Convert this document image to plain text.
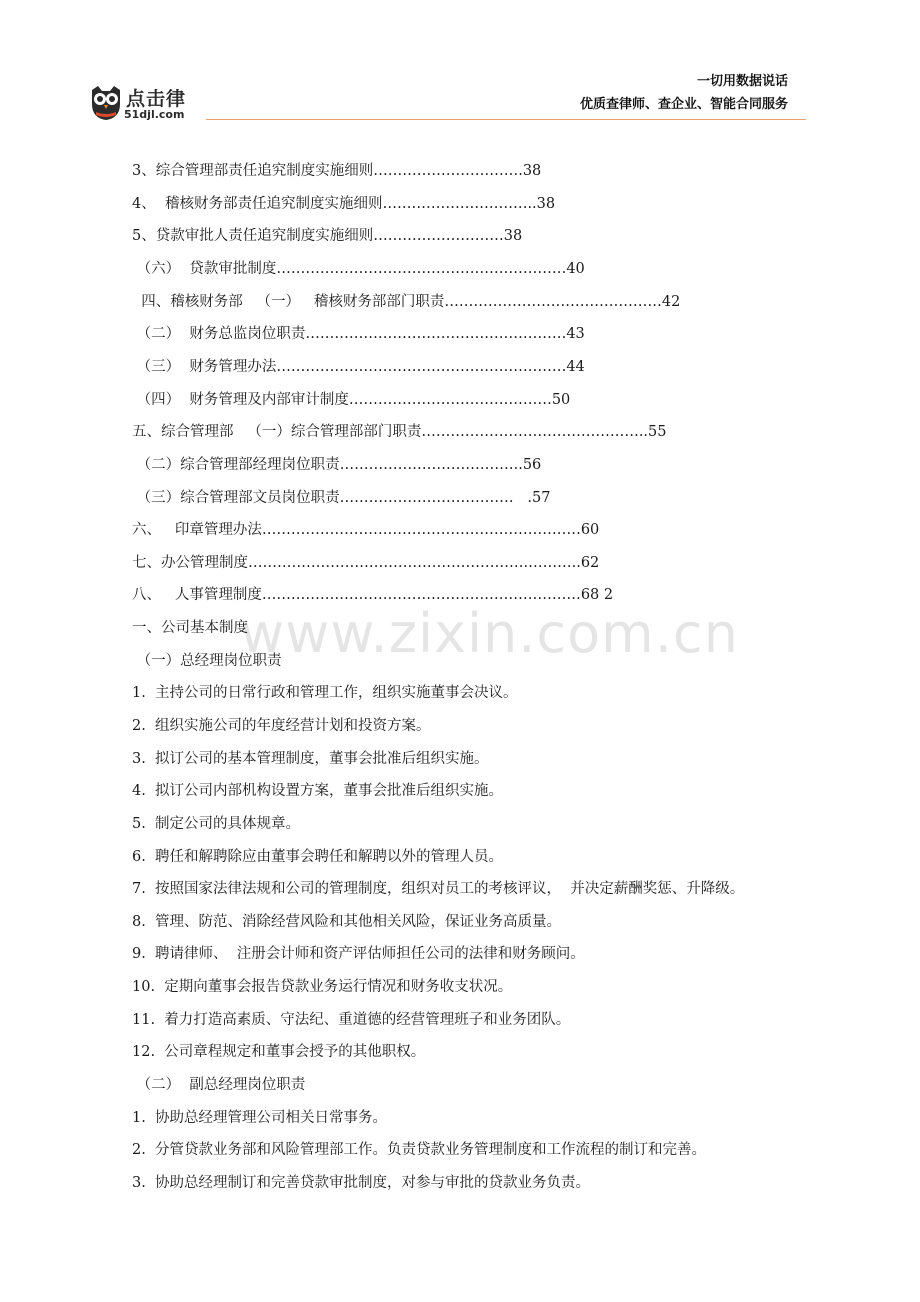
点击律
51djl.com
一切用数据说话
优质查律师、查企业、智能合同服务
www.zixin.com.cn
3、综合管理部责任追究制度实施细则………………………….38
4、  稽核财务部责任追究制度实施细则…………………………..38
5、贷款审批人责任追究制度实施细则………………………38
（六）  贷款审批制度……………………………………………………40
四、稽核财务部   （一）   稽核财务部部门职责………………………………………42
（二）  财务总监岗位职责………………………………………………43
（三）  财务管理办法……………………………………………………44
（四）  财务管理及内部审计制度……………………………………50
五、综合管理部   （一）综合管理部部门职责………………………………………..55
（二）综合管理部经理岗位职责………………………………..56
（三）综合管理部文员岗位职责………………………………   .57
六、   印章管理办法…………………………………………………………60
七、办公管理制度………………………………………………….………..62
八、   人事管理制度…………………………………………………………68 2
一、公司基本制度
（一）总经理岗位职责
1.  主持公司的日常行政和管理工作，组织实施董事会决议。
2.  组织实施公司的年度经营计划和投资方案。
3.  拟订公司的基本管理制度，董事会批准后组织实施。
4.  拟订公司内部机构设置方案，董事会批准后组织实施。
5.  制定公司的具体规章。
6.  聘任和解聘除应由董事会聘任和解聘以外的管理人员。
7.  按照国家法律法规和公司的管理制度，组织对员工的考核评议，  并决定薪酬奖惩、升降级。
8.  管理、防范、消除经营风险和其他相关风险，保证业务高质量。
9.  聘请律师、  注册会计师和资产评估师担任公司的法律和财务顾问。
10.  定期向董事会报告贷款业务运行情况和财务收支状况。
11.  着力打造高素质、守法纪、重道德的经营管理班子和业务团队。
12.  公司章程规定和董事会授予的其他职权。
（二）  副总经理岗位职责
1.  协助总经理管理公司相关日常事务。
2.  分管贷款业务部和风险管理部工作。负责贷款业务管理制度和工作流程的制订和完善。
3.  协助总经理制订和完善贷款审批制度，对参与审批的贷款业务负责。
